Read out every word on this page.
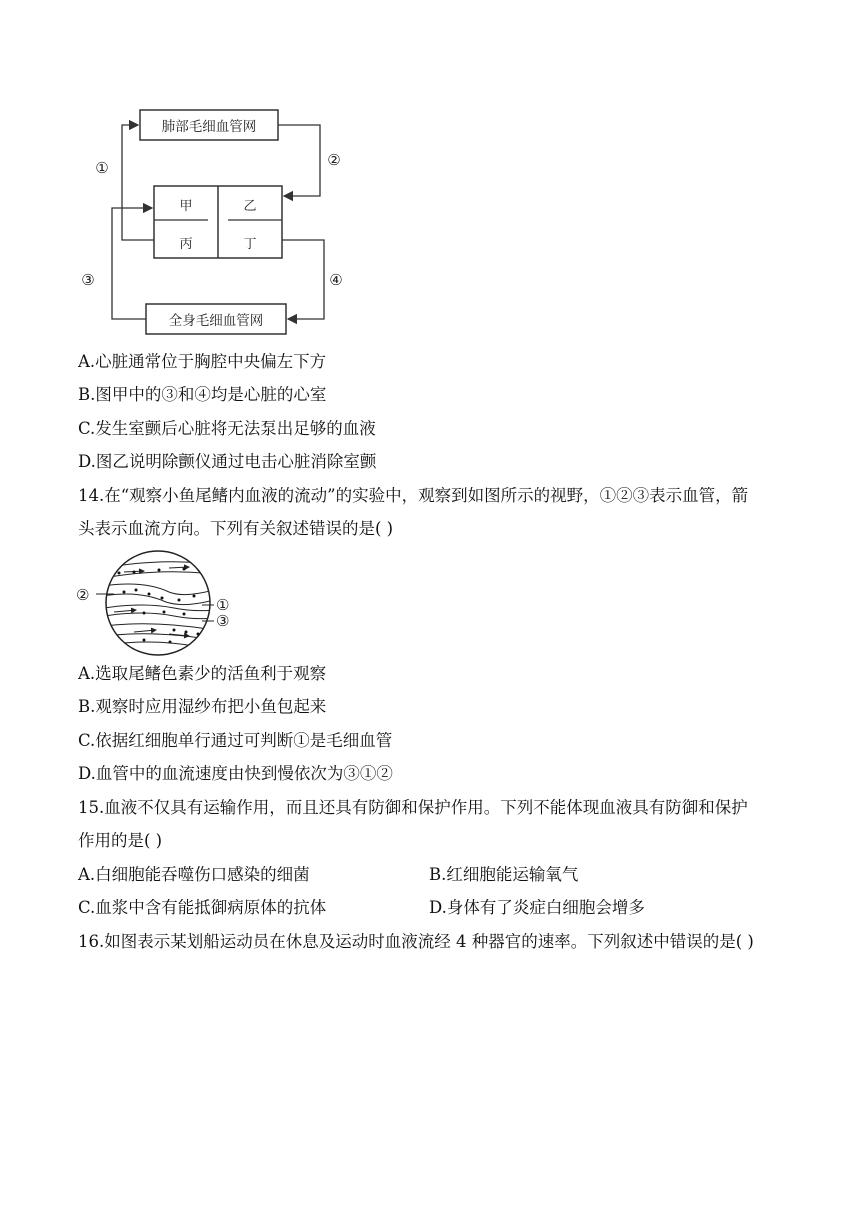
肺部毛细血管网
全身毛细血管网
甲	乙
丙	丁
①	②
③	④
A.心脏通常位于胸腔中央偏左下方
B.图甲中的③和④均是心脏的心室
C.发生室颤后心脏将无法泵出足够的血液
D.图乙说明除颤仪通过电击心脏消除室颤
14.在“观察小鱼尾鳍内血液的流动”的实验中，观察到如图所示的视野，①②③表示血管，箭
头表示血流方向。下列有关叙述错误的是( )
②
①
③
A.选取尾鳍色素少的活鱼利于观察
B.观察时应用湿纱布把小鱼包起来
C.依据红细胞单行通过可判断①是毛细血管
D.血管中的血流速度由快到慢依次为③①②
15.血液不仅具有运输作用，而且还具有防御和保护作用。下列不能体现血液具有防御和保护
作用的是( )
A.白细胞能吞噬伤口感染的细菌	B.红细胞能运输氧气
C.血浆中含有能抵御病原体的抗体	D.身体有了炎症白细胞会增多
16.如图表示某划船运动员在休息及运动时血液流经 4 种器官的速率。下列叙述中错误的是( )
